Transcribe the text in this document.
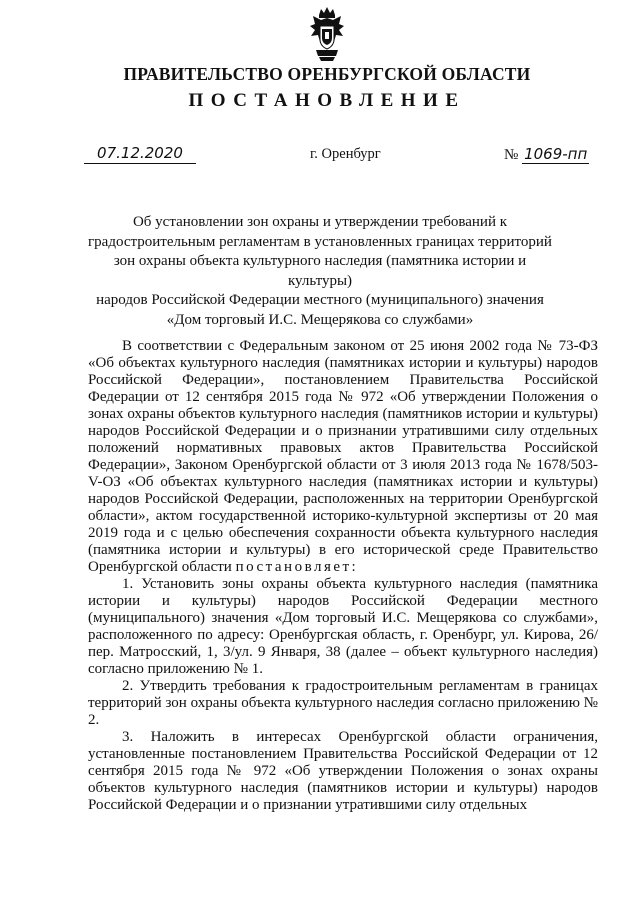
ПРАВИТЕЛЬСТВО ОРЕНБУРГСКОЙ ОБЛАСТИ
ПОСТАНОВЛЕНИЕ
07.12.2020	г. Оренбург	№ 1069-пп
Об установлении зон охраны и утверждении требований к
градостроительным регламентам в установленных границах территорий
зон охраны объекта культурного наследия (памятника истории и культуры)
народов Российской Федерации местного (муниципального) значения
«Дом торговый И.С. Мещерякова со службами»

В соответствии с Федеральным законом от 25 июня 2002 года № 73-ФЗ «Об объектах культурного наследия (памятниках истории и культуры) народов Российской Федерации», постановлением Правительства Российской Федерации от 12 сентября 2015 года № 972 «Об утверждении Положения о зонах охраны объектов культурного наследия (памятников истории и культуры) народов Российской Федерации и о признании утратившими силу отдельных положений нормативных правовых актов Правительства Российской Федерации», Законом Оренбургской области от 3 июля 2013 года № 1678/503-V-ОЗ «Об объектах культурного наследия (памятниках истории и культуры) народов Российской Федерации, расположенных на территории Оренбургской области», актом государственной историко-культурной экспертизы от 20 мая 2019 года и с целью обеспечения сохранности объекта культурного наследия (памятника истории и культуры) в его исторической среде Правительство Оренбургской области постановляет:

1. Установить зоны охраны объекта культурного наследия (памятника истории и культуры) народов Российской Федерации местного (муниципального) значения «Дом торговый И.С. Мещерякова со службами», расположенного по адресу: Оренбургская область, г. Оренбург, ул. Кирова, 26/пер. Матросский, 1, 3/ул. 9 Января, 38 (далее – объект культурного наследия) согласно приложению № 1.

2. Утвердить требования к градостроительным регламентам в границах территорий зон охраны объекта культурного наследия согласно приложению № 2.

3. Наложить в интересах Оренбургской области ограничения, установленные постановлением Правительства Российской Федерации от 12 сентября 2015 года № 972 «Об утверждении Положения о зонах охраны объектов культурного наследия (памятников истории и культуры) народов Российской Федерации и о признании утратившими силу отдельных
